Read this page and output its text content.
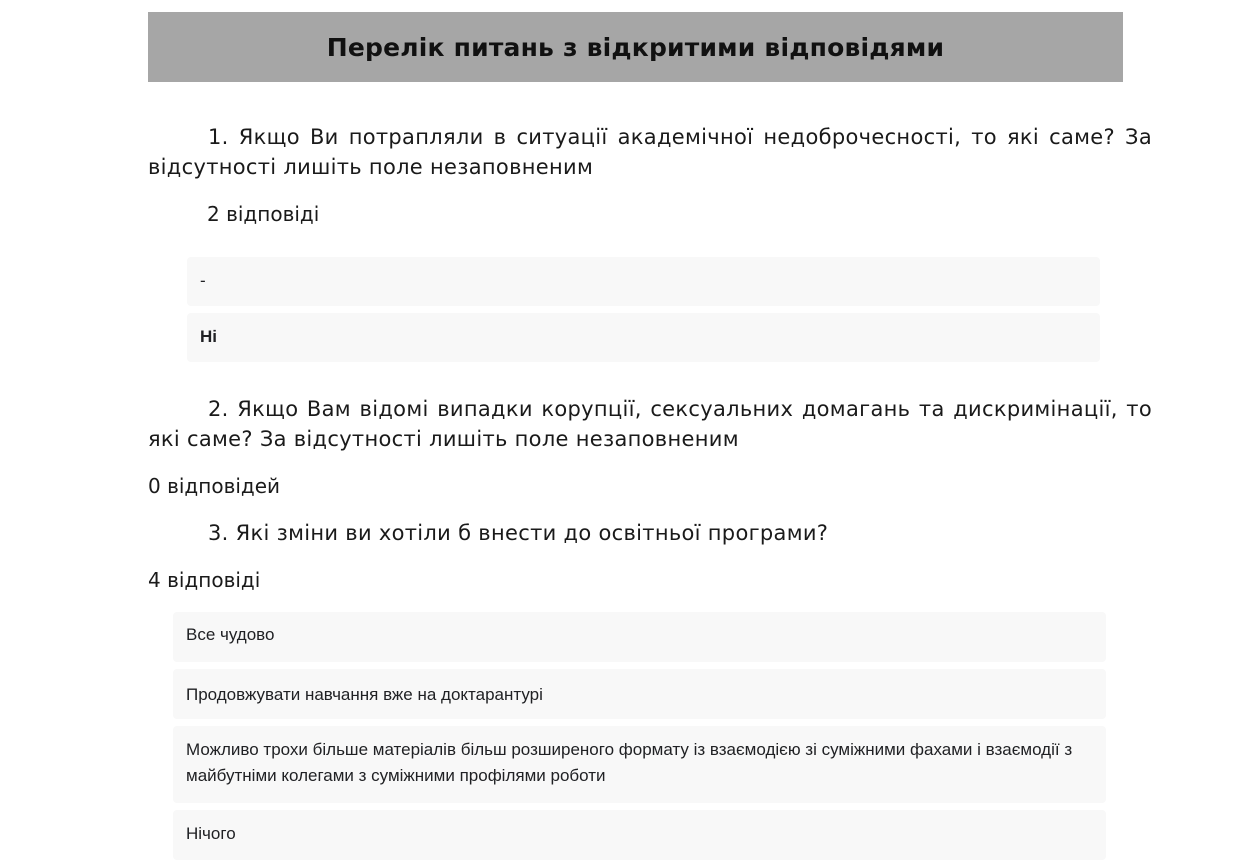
Перелік питань з відкритими відповідями

1. Якщо Ви потрапляли в ситуації академічної недоброчесності, то які саме? За відсутності лишіть поле незаповненим

2 відповіді

-
Ні

2. Якщо Вам відомі випадки корупції, сексуальних домагань та дискримінації, то які саме? За відсутності лишіть поле незаповненим

0 відповідей

3. Які зміни ви хотіли б внести до освітньої програми?

4 відповіді

Все чудово
Продовжувати навчання вже на доктарантурі
Можливо трохи більше матеріалів більш розширеного формату із взаємодією зі суміжними фахами і взаємодії з майбутніми колегами з суміжними профілями роботи
Нічого
